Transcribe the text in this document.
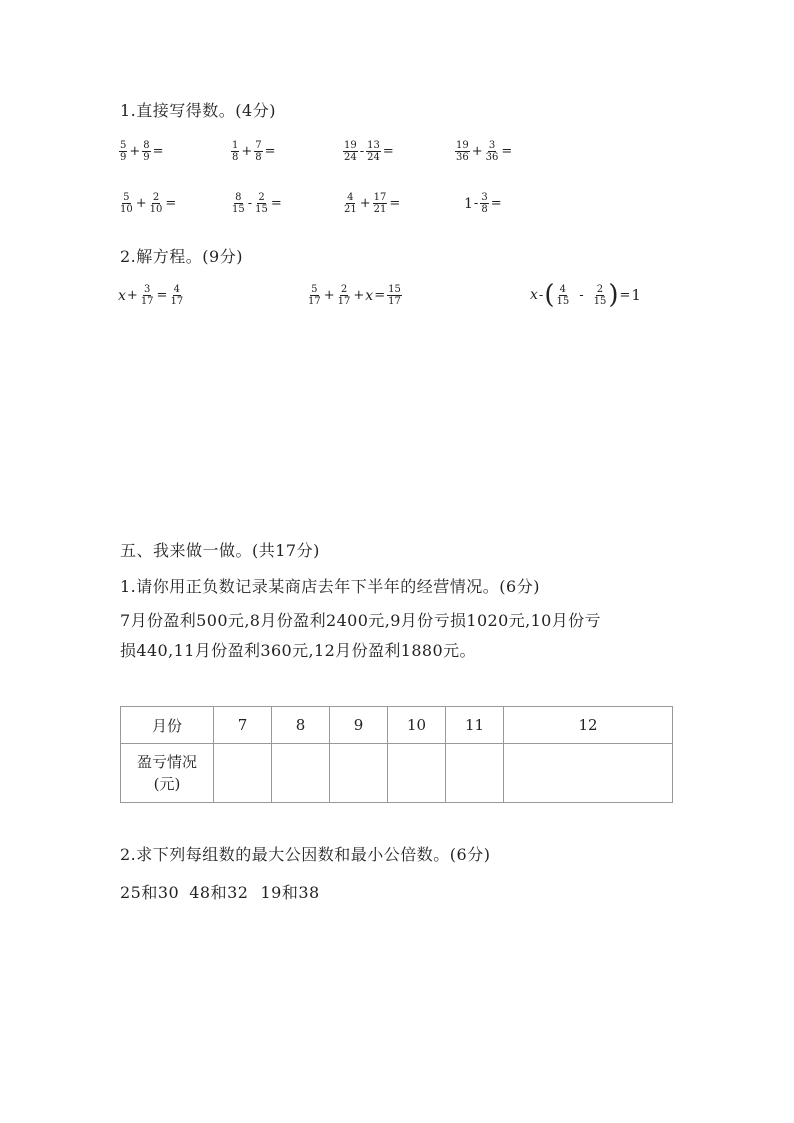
1.直接写得数。(4分)
$\frac{5}{9} + \frac{8}{9}$ =	$\frac{1}{8} + \frac{7}{8}$ =	$\frac{19}{24} - \frac{13}{24}$ =	$\frac{19}{36} + \frac{3}{36}$ =
$\frac{5}{10} + \frac{2}{10}$ =	$\frac{8}{15} - \frac{2}{15}$ =	$\frac{4}{21} + \frac{17}{21}$ =	$1 - \frac{3}{8}$ =
2.解方程。(9分)
$x + \frac{3}{17} = \frac{4}{17}$	$\frac{5}{17} + \frac{2}{17} + x = \frac{15}{17}$	x - ( $\frac{4}{15} - \frac{2}{15}$ ) = 1
五、我来做一做。(共17分)
1.请你用正负数记录某商店去年下半年的经营情况。(6分)
7月份盈利500元,8月份盈利2400元,9月份亏损1020元,10月份亏
损440,11月份盈利360元,12月份盈利1880元。
月份	7	8	9	10	11	12

盈亏情况
(元)						

2.求下列每组数的最大公因数和最小公倍数。(6分)
25和30 48和32 19和38
